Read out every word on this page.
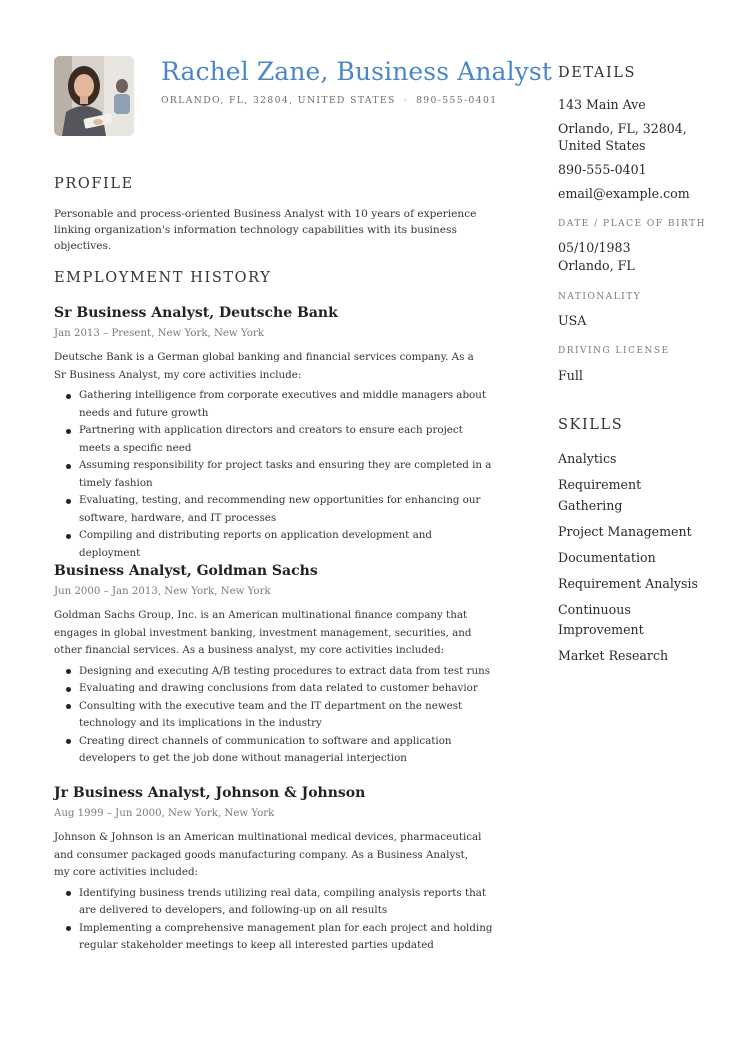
Rachel Zane, Business Analyst
ORLANDO, FL, 32804, UNITED STATES · 890-555-0401
PROFILE
Personable and process-oriented Business Analyst with 10 years of experience linking organization's information technology capabilities with its business objectives.
EMPLOYMENT HISTORY
Sr Business Analyst, Deutsche Bank
Jan 2013 – Present, New York, New York
Deutsche Bank is a German global banking and financial services company. As a Sr Business Analyst, my core activities include:
Gathering intelligence from corporate executives and middle managers about needs and future growth
Partnering with application directors and creators to ensure each project meets a specific need
Assuming responsibility for project tasks and ensuring they are completed in a timely fashion
Evaluating, testing, and recommending new opportunities for enhancing our software, hardware, and IT processes
Compiling and distributing reports on application development and deployment
Business Analyst, Goldman Sachs
Jun 2000 – Jan 2013, New York, New York
Goldman Sachs Group, Inc. is an American multinational finance company that engages in global investment banking, investment management, securities, and other financial services. As a business analyst, my core activities included:
Designing and executing A/B testing procedures to extract data from test runs
Evaluating and drawing conclusions from data related to customer behavior
Consulting with the executive team and the IT department on the newest technology and its implications in the industry
Creating direct channels of communication to software and application developers to get the job done without managerial interjection
Jr Business Analyst, Johnson & Johnson
Aug 1999 – Jun 2000, New York, New York
Johnson & Johnson is an American multinational medical devices, pharmaceutical and consumer packaged goods manufacturing company. As a Business Analyst, my core activities included:
Identifying business trends utilizing real data, compiling analysis reports that are delivered to developers, and following-up on all results
Implementing a comprehensive management plan for each project and holding regular stakeholder meetings to keep all interested parties updated
DETAILS
143 Main Ave
Orlando, FL, 32804,
United States
890-555-0401
email@example.com
DATE / PLACE OF BIRTH
05/10/1983
Orlando, FL
NATIONALITY
USA
DRIVING LICENSE
Full
SKILLS
Analytics
Requirement Gathering
Project Management
Documentation
Requirement Analysis
Continuous Improvement
Market Research
